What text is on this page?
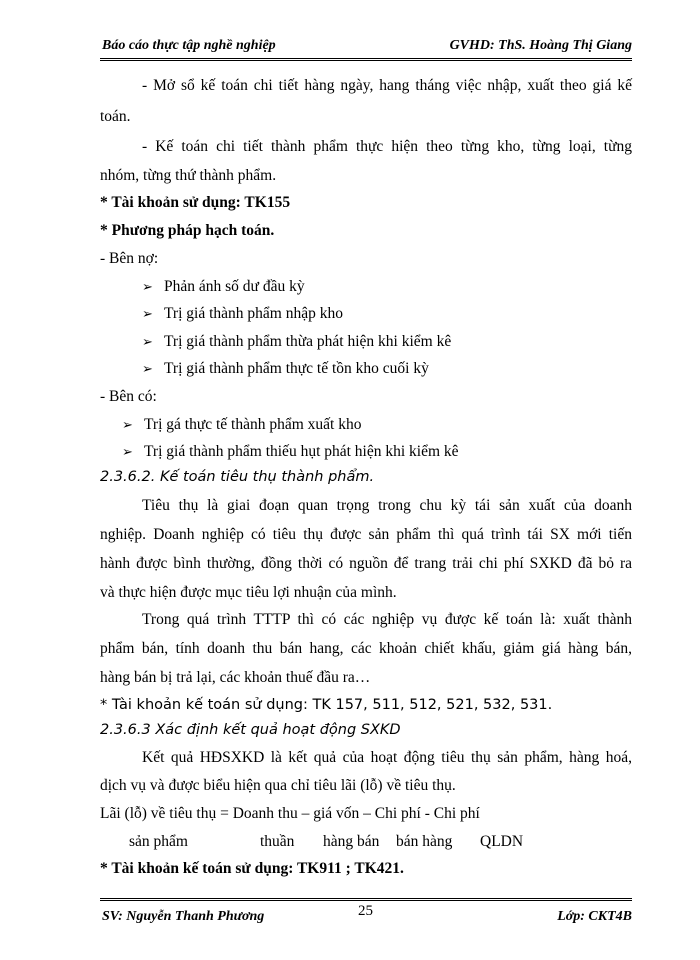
Báo cáo thực tập nghề nghiệp	GVHD: ThS. Hoàng Thị Giang
- Mở sổ kế toán chi tiết hàng ngày, hang tháng việc nhập, xuất theo giá kế
toán.
- Kế toán chi tiết thành phẩm thực hiện theo từng kho, từng loại, từng
nhóm, từng thứ thành phẩm.
* Tài khoản sử dụng: TK155
* Phương pháp hạch toán.
- Bên nợ:
➢ Phản ánh số dư đầu kỳ
➢ Trị giá thành phẩm nhập kho
➢ Trị giá thành phẩm thừa phát hiện khi kiểm kê
➢ Trị giá thành phẩm thực tế tồn kho cuối kỳ
- Bên có:
➢ Trị gá thực tế thành phẩm xuất kho
➢ Trị giá thành phẩm thiếu hụt phát hiện khi kiểm kê
2.3.6.2. Kế toán tiêu thụ thành phẩm.
Tiêu thụ là giai đoạn quan trọng trong chu kỳ tái sản xuất của doanh
nghiệp. Doanh nghiệp có tiêu thụ được sản phẩm thì quá trình tái SX mới tiến
hành được bình thường, đồng thời có nguồn để trang trải chi phí SXKD đã bỏ ra
và thực hiện được mục tiêu lợi nhuận của mình.
Trong quá trình TTTP thì có các nghiệp vụ được kế toán là: xuất thành
phẩm bán, tính doanh thu bán hang, các khoản chiết khấu, giảm giá hàng bán,
hàng bán bị trả lại, các khoản thuế đầu ra…
* Tài khoản kế toán sử dụng: TK 157, 511, 512, 521, 532, 531.
2.3.6.3 Xác định kết quả hoạt động SXKD
Kết quả HĐSXKD là kết quả của hoạt động tiêu thụ sản phẩm, hàng hoá,
dịch vụ và được biểu hiện qua chỉ tiêu lãi (lỗ) về tiêu thụ.
Lãi (lỗ) về tiêu thụ = Doanh thu – giá vốn – Chi phí - Chi phí
sản phẩm	thuần hàng bán bán hàng QLDN
* Tài khoản kế toán sử dụng: TK911 ; TK421.
SV: Nguyễn Thanh Phương	25	Lớp: CKT4B
